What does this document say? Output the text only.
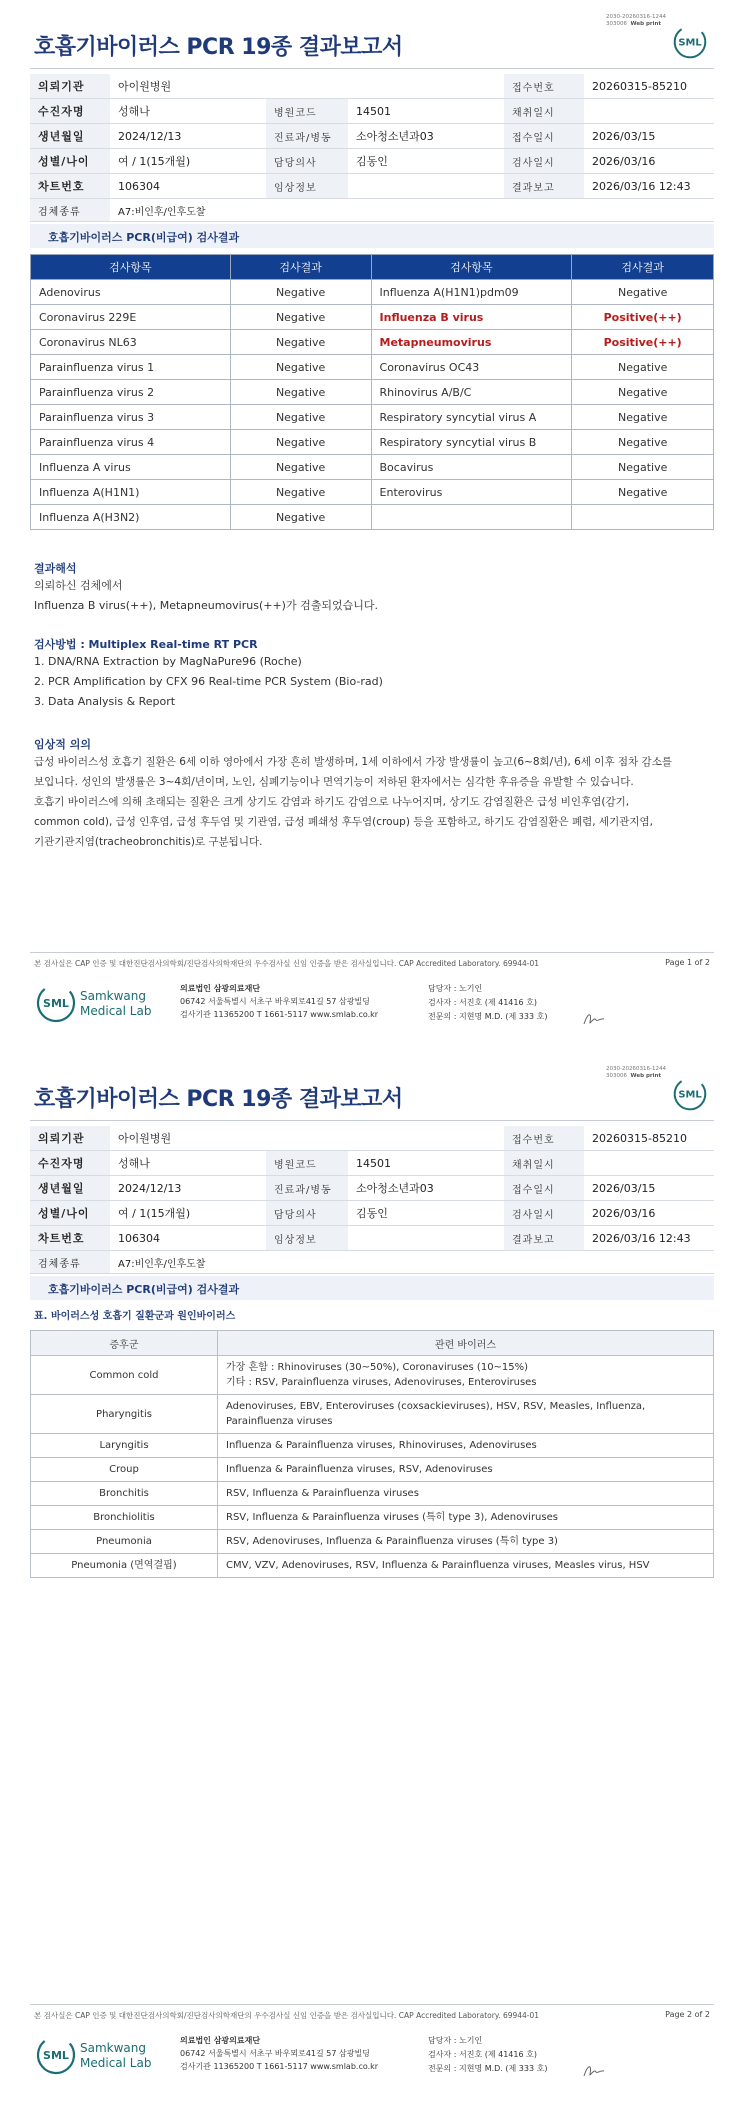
2030-20260316-1244
303006 Web print
호흡기바이러스 PCR 19종 결과보고서	SML
의뢰기관	아이원병원			접수번호	20260315-85210
수진자명	성해나	병원코드	14501	채취일시	
생년월일	2024/12/13	진료과/병동	소아청소년과03	접수일시	2026/03/15
성별/나이	여 / 1(15개월)	담당의사	김동인	검사일시	2026/03/16
차트번호	106304	임상정보		결과보고	2026/03/16 12:43
검체종류	A7:비인후/인후도찰				
호흡기바이러스 PCR(비급여) 검사결과
검사항목	검사결과	검사항목	검사결과
Adenovirus	Negative	Influenza A(H1N1)pdm09	Negative
Coronavirus 229E	Negative	Influenza B virus	Positive(++)
Coronavirus NL63	Negative	Metapneumovirus	Positive(++)
Parainfluenza virus 1	Negative	Coronavirus OC43	Negative
Parainfluenza virus 2	Negative	Rhinovirus A/B/C	Negative
Parainfluenza virus 3	Negative	Respiratory syncytial virus A	Negative
Parainfluenza virus 4	Negative	Respiratory syncytial virus B	Negative
Influenza A virus	Negative	Bocavirus	Negative
Influenza A(H1N1)	Negative	Enterovirus	Negative
Influenza A(H3N2)	Negative		
결과해석
의뢰하신 검체에서
Influenza B virus(++), Metapneumovirus(++)가 검출되었습니다.
검사방법 : Multiplex Real-time RT PCR
1. DNA/RNA Extraction by MagNaPure96 (Roche)
2. PCR Amplification by CFX 96 Real-time PCR System (Bio-rad)
3. Data Analysis & Report
임상적 의의
급성 바이러스성 호흡기 질환은 6세 이하 영아에서 가장 흔히 발생하며, 1세 이하에서 가장 발생률이 높고(6~8회/년), 6세 이후 점차 감소를
보입니다. 성인의 발생률은 3~4회/년이며, 노인, 심폐기능이나 면역기능이 저하된 환자에서는 심각한 후유증을 유발할 수 있습니다.
호흡기 바이러스에 의해 초래되는 질환은 크게 상기도 감염과 하기도 감염으로 나누어지며, 상기도 감염질환은 급성 비인후염(감기,
common cold), 급성 인후염, 급성 후두염 및 기관염, 급성 폐쇄성 후두염(croup) 등을 포함하고, 하기도 감염질환은 폐렴, 세기관지염,
기관기관지염(tracheobronchitis)로 구분됩니다.
본 검사실은 CAP 인증 및 대한진단검사의학회/진단검사의학재단의 우수검사실 신임 인증을 받은 검사실입니다. CAP Accredited Laboratory. 69944-01	Page 1 of 2
SML
Samkwang
Medical Lab
의료법인 삼광의료재단
06742 서울특별시 서초구 바우뫼로41길 57 삼광빌딩
검사기관 11365200 T 1661-5117 www.smlab.co.kr
담당자 : 노기인
검사자 : 서진호 (제 41416 호)
전문의 : 지현명 M.D. (제 333 호)
2030-20260316-1244
303006 Web print
호흡기바이러스 PCR 19종 결과보고서	SML
의뢰기관	아이원병원			접수번호	20260315-85210
수진자명	성해나	병원코드	14501	채취일시	
생년월일	2024/12/13	진료과/병동	소아청소년과03	접수일시	2026/03/15
성별/나이	여 / 1(15개월)	담당의사	김동인	검사일시	2026/03/16
차트번호	106304	임상정보		결과보고	2026/03/16 12:43
검체종류	A7:비인후/인후도찰				
호흡기바이러스 PCR(비급여) 검사결과
본 검사실은 CAP 인증 및 대한진단검사의학회/진단검사의학재단의 우수검사실 신임 인증을 받은 검사실입니다. CAP Accredited Laboratory. 69944-01	Page 2 of 2
SML
Samkwang
Medical Lab
의료법인 삼광의료재단
06742 서울특별시 서초구 바우뫼로41길 57 삼광빌딩
검사기관 11365200 T 1661-5117 www.smlab.co.kr
담당자 : 노기인
검사자 : 서진호 (제 41416 호)
전문의 : 지현명 M.D. (제 333 호)
표. 바이러스성 호흡기 질환군과 원인바이러스
증후군	관련 바이러스
Common cold	가장 흔함 : Rhinoviruses (30~50%), Coronaviruses (10~15%)
기타 : RSV, Parainfluenza viruses, Adenoviruses, Enteroviruses

Pharyngitis	Adenoviruses, EBV, Enteroviruses (coxsackieviruses), HSV, RSV, Measles, Influenza,
Parainfluenza viruses

Laryngitis	Influenza & Parainfluenza viruses, Rhinoviruses, Adenoviruses

Croup	Influenza & Parainfluenza viruses, RSV, Adenoviruses

Bronchitis	RSV, Influenza & Parainfluenza viruses

Bronchiolitis	RSV, Influenza & Parainfluenza viruses (특히 type 3), Adenoviruses

Pneumonia	RSV, Adenoviruses, Influenza & Parainfluenza viruses (특히 type 3)

Pneumonia (면역결핍)	CMV, VZV, Adenoviruses, RSV, Influenza & Parainfluenza viruses, Measles virus, HSV
